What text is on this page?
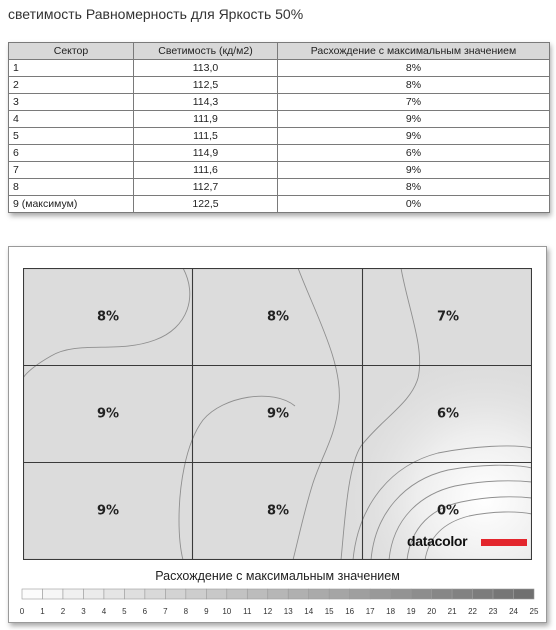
светимость Равномерность для Яркость 50%
Сектор	Светимость (кд/м2)	Расхождение с максимальным значением
1	113,0	8%
2	112,5	8%
3	114,3	7%
4	111,9	9%
5	111,5	9%
6	114,9	6%
7	111,6	9%
8	112,7	8%
9 (максимум)	122,5	0%
8%	8%	7%
9%	9%	6%
9%	8%	0%
datacolor
Расхождение с максимальным значением
0 1 2 3 4 5 6 7 8 9 10 11 12 13 14 15 16 17 18 19 20 21 22 23 24 25
